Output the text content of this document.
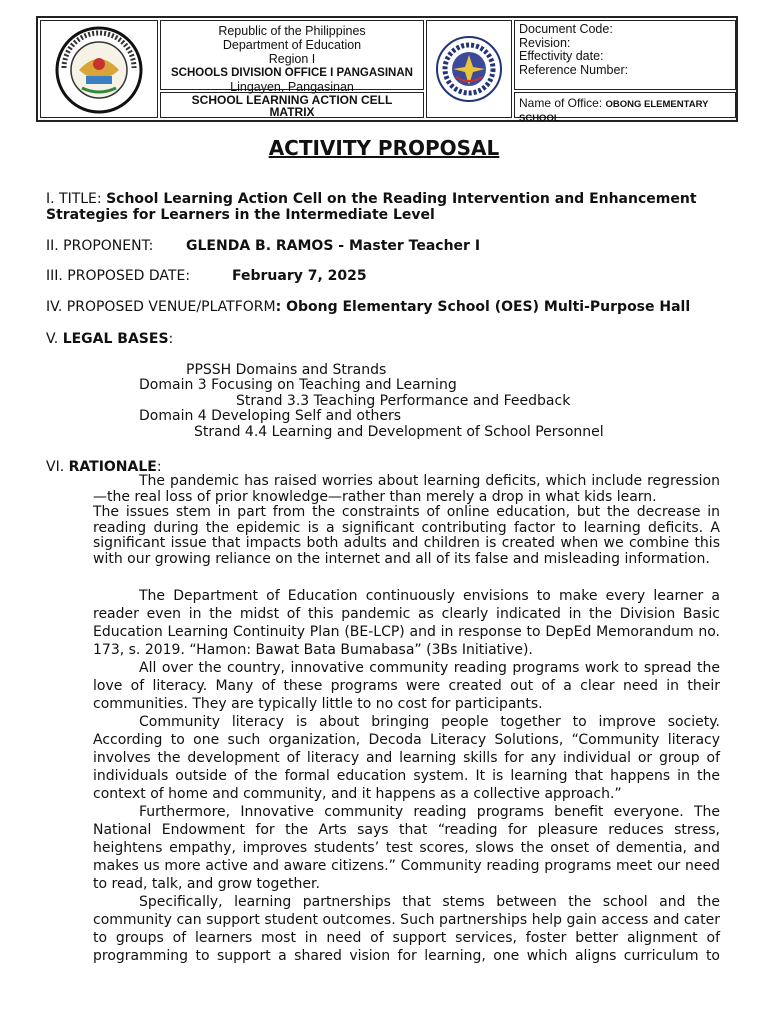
Republic of the Philippines
Department of Education
Region I
SCHOOLS DIVISION OFFICE I PANGASINAN
Lingayen, Pangasinan
SCHOOL LEARNING ACTION CELL
MATRIX
Document Code:
Revision:
Effectivity date:
Reference Number:
Name of Office: OBONG ELEMENTARY
SCHOOL
ACTIVITY PROPOSAL
I. TITLE: School Learning Action Cell on the Reading Intervention and Enhancement
Strategies for Learners in the Intermediate Level
II. PROPONENT: GLENDA B. RAMOS - Master Teacher I
III. PROPOSED DATE:	February 7, 2025
IV. PROPOSED VENUE/PLATFORM: Obong Elementary School (OES) Multi-Purpose Hall
V. LEGAL BASES:
PPSSH Domains and Strands
Domain 3 Focusing on Teaching and Learning
Strand 3.3 Teaching Performance and Feedback
Domain 4 Developing Self and others
Strand 4.4 Learning and Development of School Personnel
VI. RATIONALE:

The pandemic has raised worries about learning deficits, which include regression—the real loss of prior knowledge—rather than merely a drop in what kids learn.

The issues stem in part from the constraints of online education, but the decrease in reading during the epidemic is a significant contributing factor to learning deficits. A significant issue that impacts both adults and children is created when we combine this with our growing reliance on the internet and all of its false and misleading information.

The Department of Education continuously envisions to make every learner a reader even in the midst of this pandemic as clearly indicated in the Division Basic Education Learning Continuity Plan (BE-LCP) and in response to DepEd Memorandum no. 173, s. 2019. “Hamon: Bawat Bata Bumabasa” (3Bs Initiative).

All over the country, innovative community reading programs work to spread the love of literacy. Many of these programs were created out of a clear need in their communities. They are typically little to no cost for participants.

Community literacy is about bringing people together to improve society. According to one such organization, Decoda Literacy Solutions, “Community literacy involves the development of literacy and learning skills for any individual or group of individuals outside of the formal education system. It is learning that happens in the context of home and community, and it happens as a collective approach.”

Furthermore, Innovative community reading programs benefit everyone. The National Endowment for the Arts says that “reading for pleasure reduces stress, heightens empathy, improves students’ test scores, slows the onset of dementia, and makes us more active and aware citizens.” Community reading programs meet our need to read, talk, and grow together.

Specifically, learning partnerships that stems between the school and the community can support student outcomes. Such partnerships help gain access and cater to groups of learners most in need of support services, foster better alignment of programming to support a shared vision for learning, one which aligns curriculum to
